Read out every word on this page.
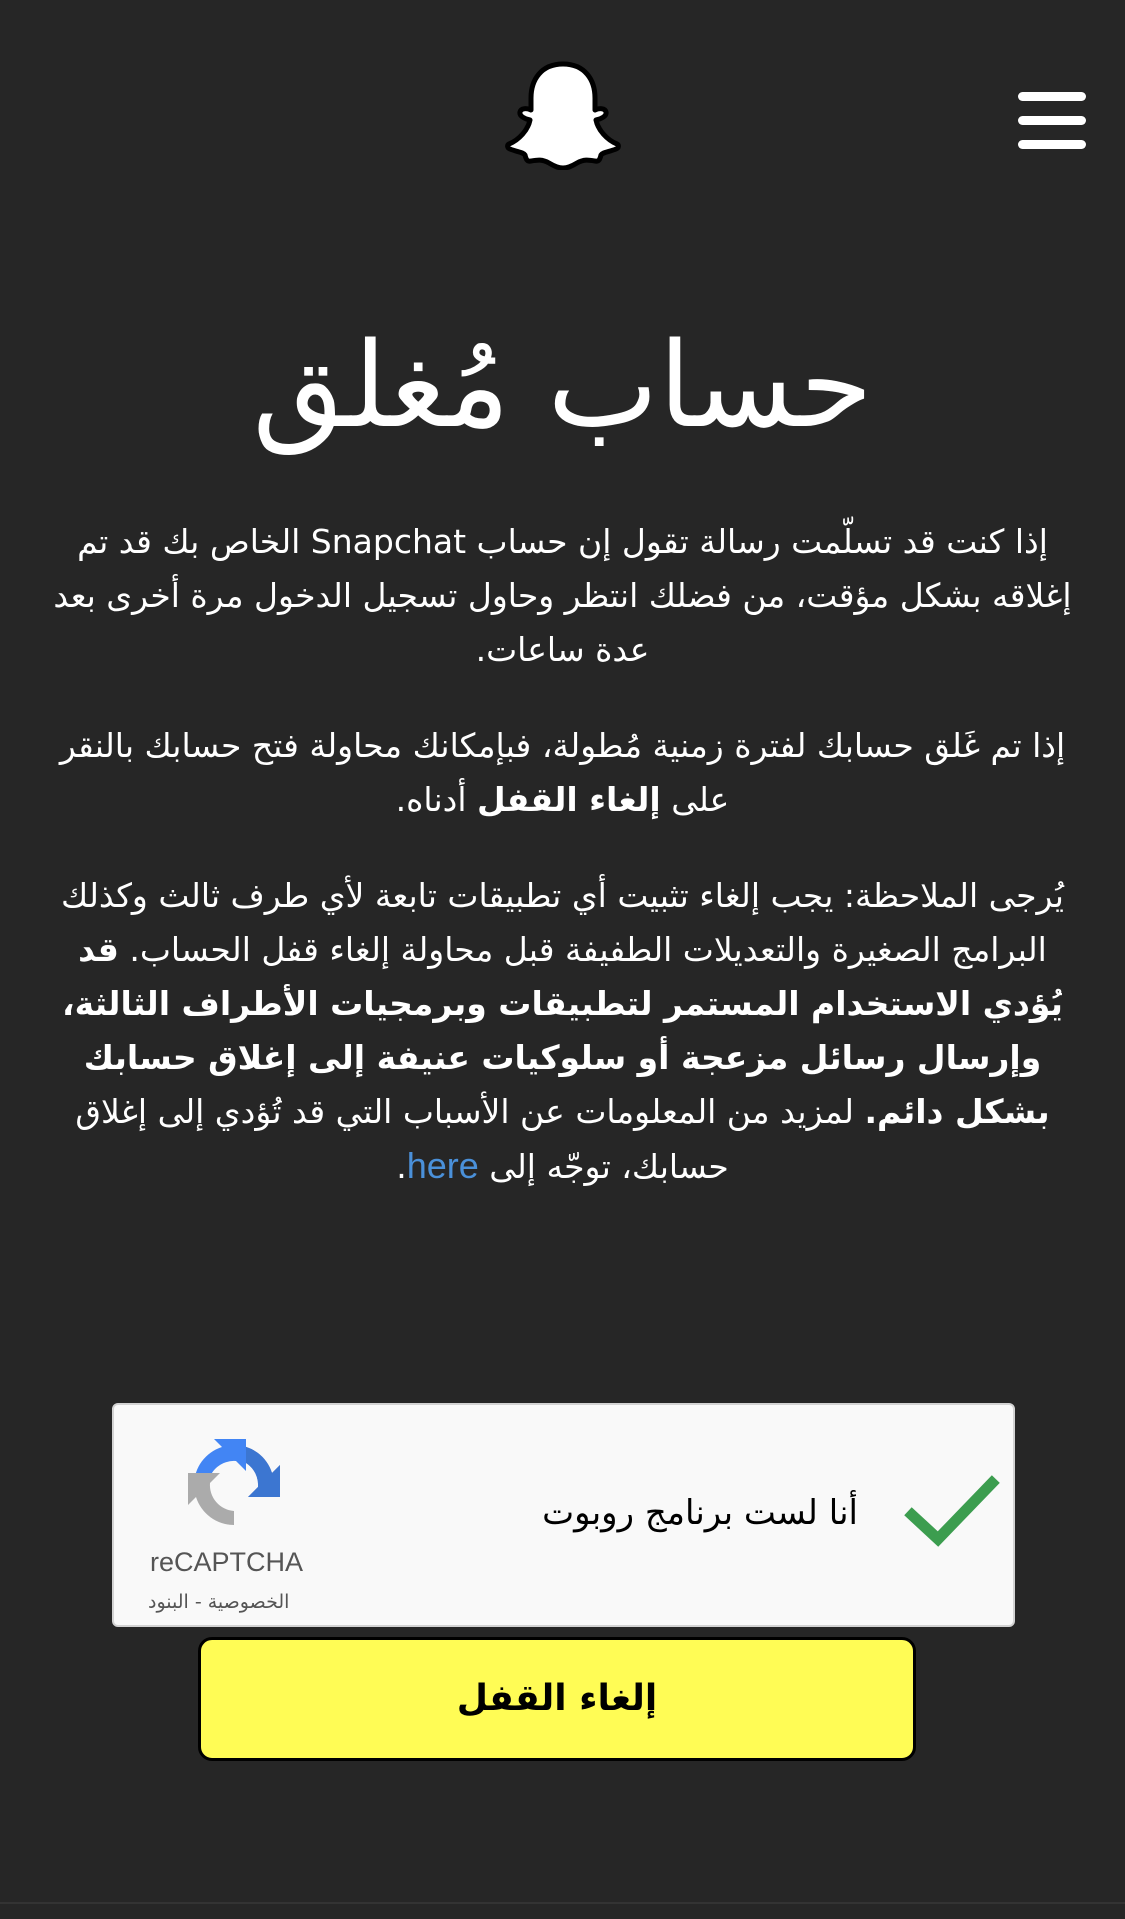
حساب مُغلق

إذا كنت قد تسلّمت رسالة تقول إن حساب Snapchat الخاص بك قد تم إغلاقه بشكل مؤقت، من فضلك انتظر وحاول تسجيل الدخول مرة أخرى بعد عدة ساعات.

إذا تم غَلق حسابك لفترة زمنية مُطولة، فبإمكانك محاولة فتح حسابك بالنقر على إلغاء القفل أدناه.

يُرجى الملاحظة: يجب إلغاء تثبيت أي تطبيقات تابعة لأي طرف ثالث وكذلك البرامج الصغيرة والتعديلات الطفيفة قبل محاولة إلغاء قفل الحساب. قد يُؤدي الاستخدام المستمر لتطبيقات وبرمجيات الأطراف الثالثة، وإرسال رسائل مزعجة أو سلوكيات عنيفة إلى إغلاق حسابك بشكل دائم. لمزيد من المعلومات عن الأسباب التي قد تُؤدي إلى إغلاق حسابك، توجّه إلى here.

أنا لست برنامج روبوت
reCAPTCHA
الخصوصية - البنود
إلغاء القفل
